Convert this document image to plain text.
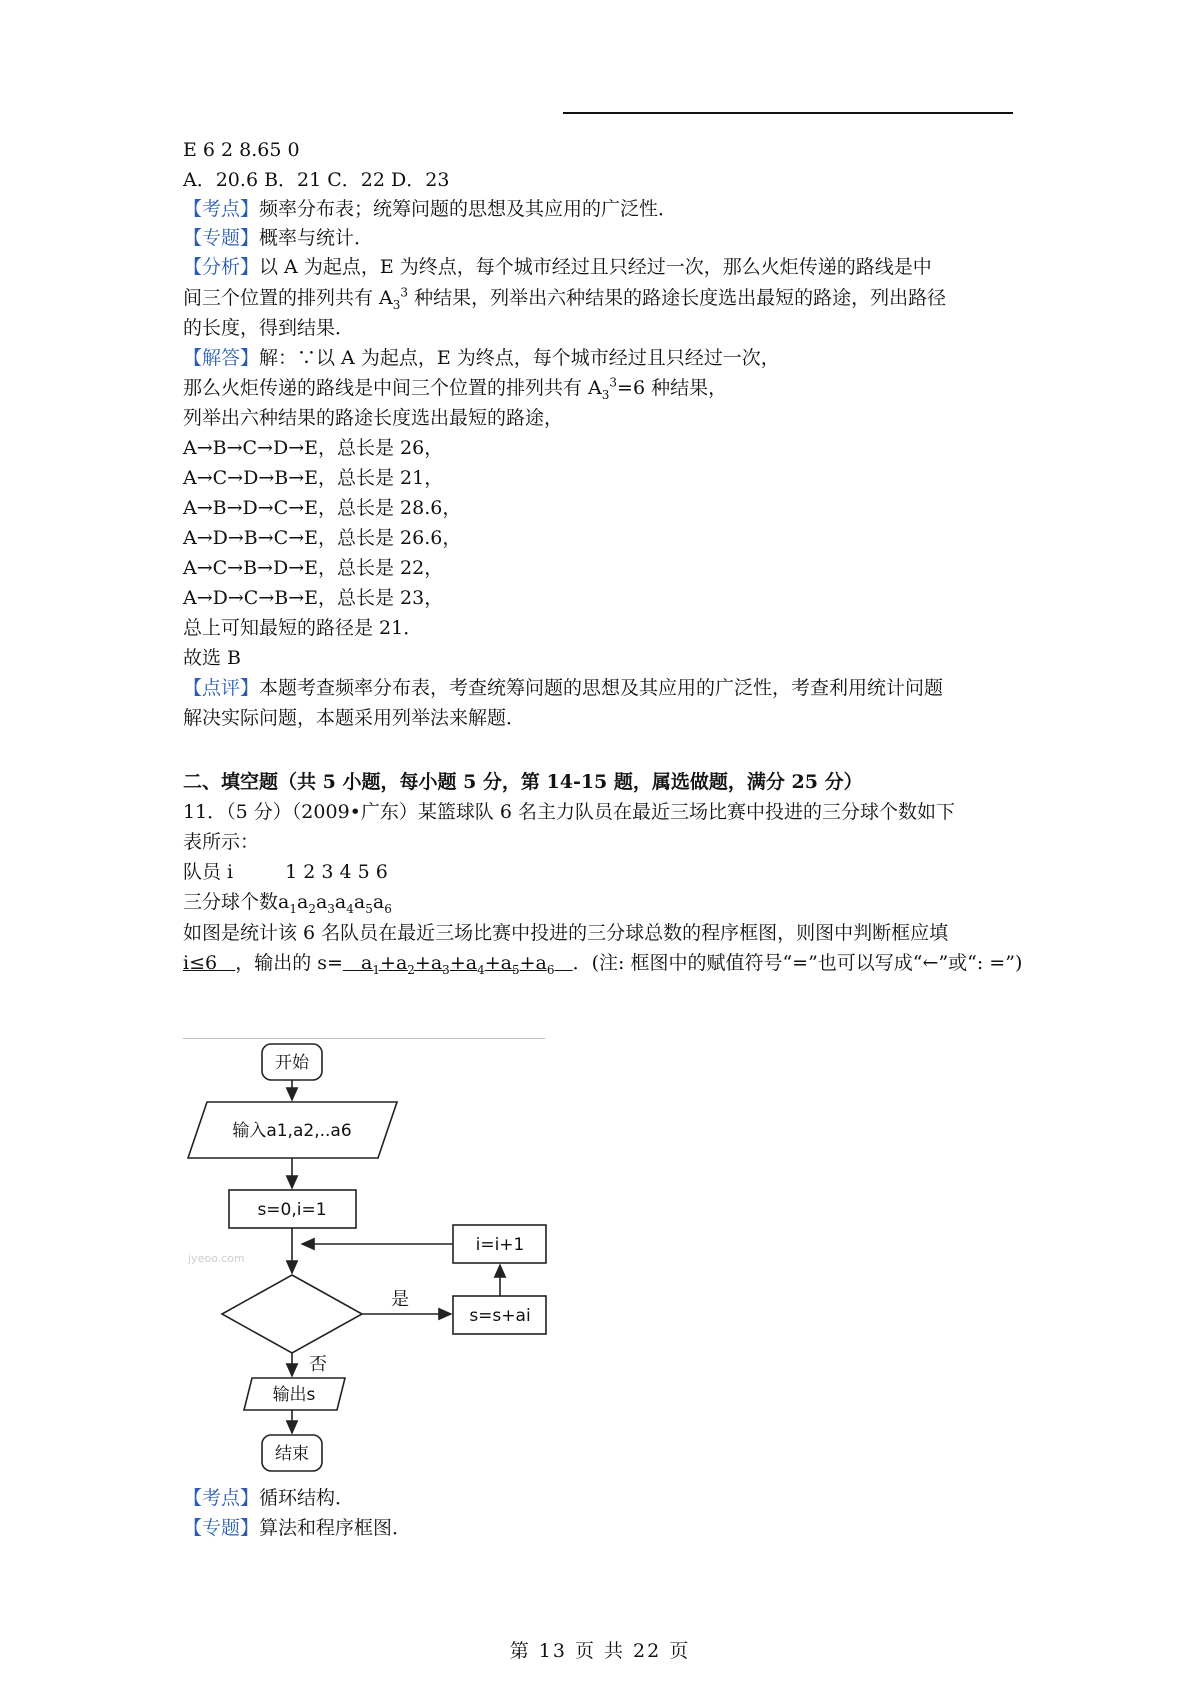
E 6 2 8.65 0
A．20.6 B．21 C．22 D．23
【考点】频率分布表；统筹问题的思想及其应用的广泛性．
【专题】概率与统计．
【分析】以 A 为起点，E 为终点，每个城市经过且只经过一次，那么火炬传递的路线是中
间三个位置的排列共有 $A_3^3$ 种结果，列举出六种结果的路途长度选出最短的路途，列出路径
的长度，得到结果．
【解答】解：∵以 A 为起点，E 为终点，每个城市经过且只经过一次，
那么火炬传递的路线是中间三个位置的排列共有 $A_3^3=6$ 种结果，
列举出六种结果的路途长度选出最短的路途，
A→B→C→D→E，总长是 26，
A→C→D→B→E，总长是 21，
A→B→D→C→E，总长是 28.6，
A→D→B→C→E，总长是 26.6，
A→C→B→D→E，总长是 22，
A→D→C→B→E，总长是 23，
总上可知最短的路径是 21．
故选 B
【点评】本题考查频率分布表，考查统筹问题的思想及其应用的广泛性，考查利用统计问题
解决实际问题，本题采用列举法来解题．
二、填空题（共 5 小题，每小题 5 分，第 14-15 题，属选做题，满分 25 分）
11．（5 分）（2009•广东）某篮球队 6 名主力队员在最近三场比赛中投进的三分球个数如下
表所示：
队员 i	1 2 3 4 5 6
三分球个数$a_1a_2a_3a_4a_5a_6$
如图是统计该 6 名队员在最近三场比赛中投进的三分球总数的程序框图，则图中判断框应填
i≤6 ，输出的 $s= a_1+a_2+a_3+a_4+a_5+a_6$ ．(注: 框图中的赋值符号“=”也可以写成“←”或“: =”)
jyeoo.com
开始
输入a1,a2,..a6
s=0,i=1
是
否
s=s+ai
i=i+1
输出s
结束
【考点】循环结构．
【专题】算法和程序框图．
第 13 页 共 22 页
